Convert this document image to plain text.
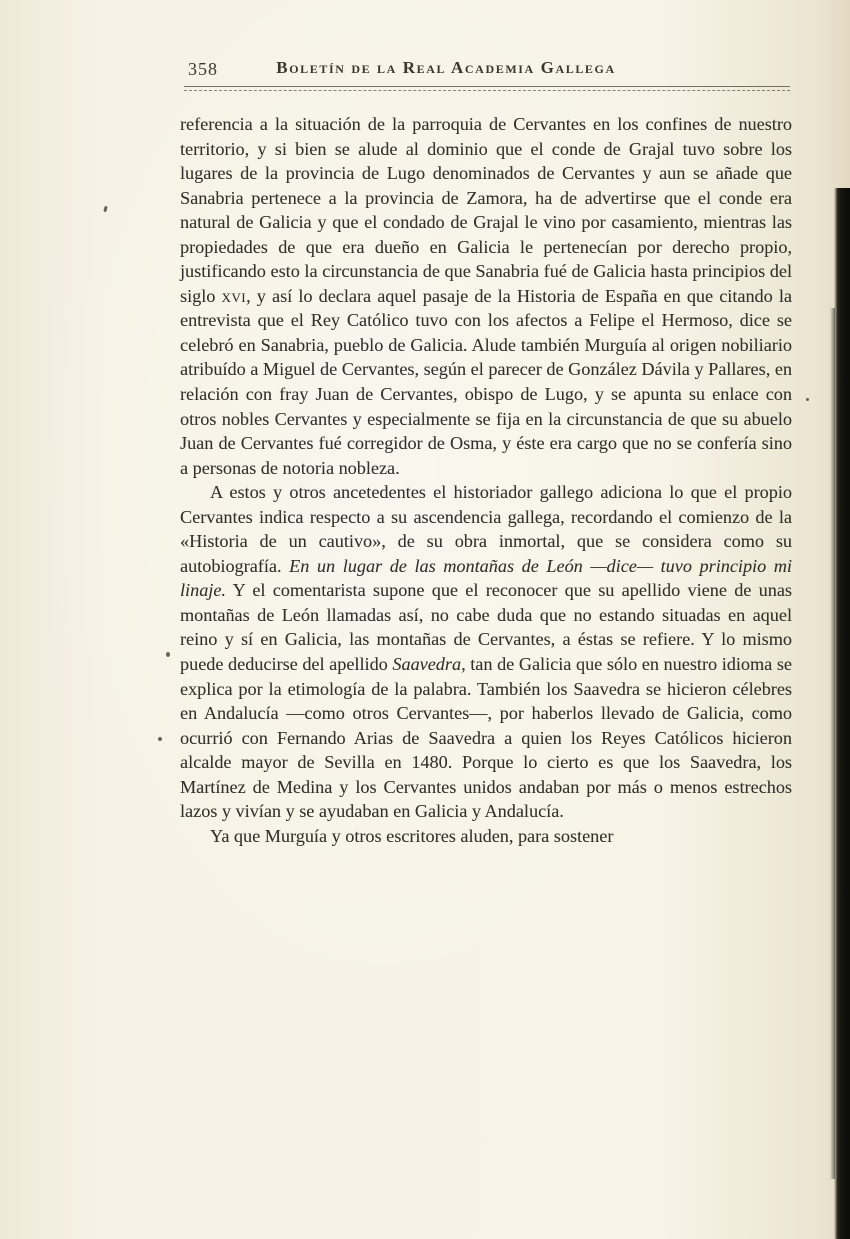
358	Boletín de la Real Academia Gallega

referencia a la situación de la parroquia de Cervantes en los confines de nuestro territorio, y si bien se alude al dominio que el conde de Grajal tuvo sobre los lugares de la provincia de Lugo denominados de Cervantes y aun se añade que Sanabria pertenece a la provincia de Zamora, ha de advertirse que el conde era natural de Galicia y que el condado de Grajal le vino por casamiento, mientras las propiedades de que era dueño en Galicia le pertenecían por derecho propio, justificando esto la circunstancia de que Sanabria fué de Galicia hasta principios del siglo xvi, y así lo declara aquel pasaje de la Historia de España en que citando la entrevista que el Rey Católico tuvo con los afectos a Felipe el Hermoso, dice se celebró en Sanabria, pueblo de Galicia. Alude también Murguía al origen nobiliario atribuído a Miguel de Cervantes, según el parecer de González Dávila y Pallares, en relación con fray Juan de Cervantes, obispo de Lugo, y se apunta su enlace con otros nobles Cervantes y especialmente se fija en la circunstancia de que su abuelo Juan de Cervantes fué corregidor de Osma, y éste era cargo que no se confería sino a personas de notoria nobleza.

A estos y otros ancetedentes el historiador gallego adiciona lo que el propio Cervantes indica respecto a su ascendencia gallega, recordando el comienzo de la «Historia de un cautivo», de su obra inmortal, que se considera como su autobiografía. En un lugar de las montañas de León —dice— tuvo principio mi linaje. Y el comentarista supone que el reconocer que su apellido viene de unas montañas de León llamadas así, no cabe duda que no estando situadas en aquel reino y sí en Galicia, las montañas de Cervantes, a éstas se refiere. Y lo mismo puede deducirse del apellido Saavedra, tan de Galicia que sólo en nuestro idioma se explica por la etimología de la palabra. También los Saavedra se hicieron célebres en Andalucía —como otros Cervantes—, por haberlos llevado de Galicia, como ocurrió con Fernando Arias de Saavedra a quien los Reyes Católicos hicieron alcalde mayor de Sevilla en 1480. Porque lo cierto es que los Saavedra, los Martínez de Medina y los Cervantes unidos andaban por más o menos estrechos lazos y vivían y se ayudaban en Galicia y Andalucía.

Ya que Murguía y otros escritores aluden, para sostener
